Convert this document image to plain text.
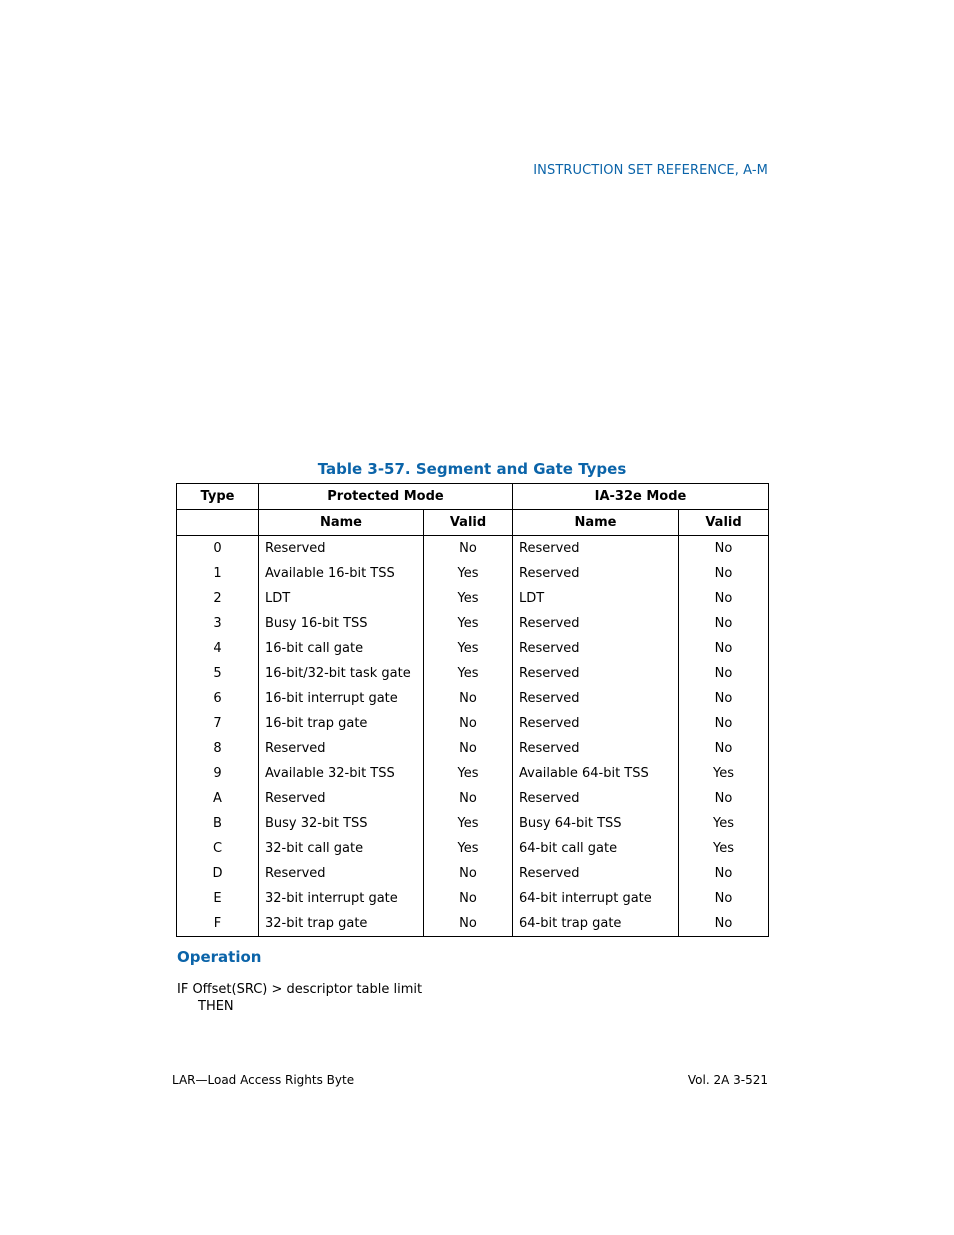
INSTRUCTION SET REFERENCE, A-M
Table 3-57. Segment and Gate Types
Type	Protected Mode		IA-32e Mode	
	Name	Valid	Name	Valid
0	Reserved	No	Reserved	No
1	Available 16-bit TSS	Yes	Reserved	No
2	LDT	Yes	LDT	No
3	Busy 16-bit TSS	Yes	Reserved	No
4	16-bit call gate	Yes	Reserved	No
5	16-bit/32-bit task gate	Yes	Reserved	No
6	16-bit interrupt gate	No	Reserved	No
7	16-bit trap gate	No	Reserved	No
8	Reserved	No	Reserved	No
9	Available 32-bit TSS	Yes	Available 64-bit TSS	Yes
A	Reserved	No	Reserved	No
B	Busy 32-bit TSS	Yes	Busy 64-bit TSS	Yes
C	32-bit call gate	Yes	64-bit call gate	Yes
D	Reserved	No	Reserved	No
E	32-bit interrupt gate	No	64-bit interrupt gate	No
F	32-bit trap gate	No	64-bit trap gate	No
Operation
IF Offset(SRC) > descriptor table limit
THEN
LAR—Load Access Rights Byte	Vol. 2A 3-521
